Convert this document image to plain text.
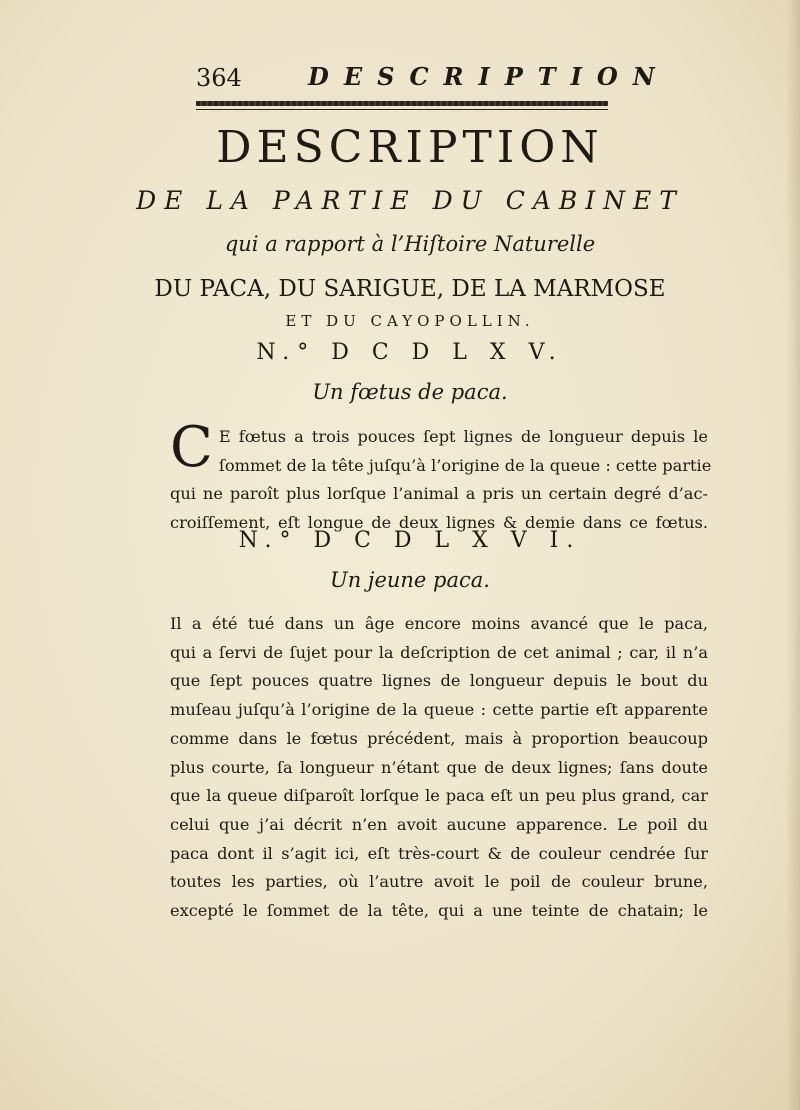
364	DESCRIPTION
DESCRIPTION
DE LA PARTIE DU CABINET
qui a rapport à l’Hiſtoire Naturelle
DU PACA, DU SARIGUE, DE LA MARMOSE
ET DU CAYOPOLLIN.
N.° D C D L X V.
Un fœtus de paca.
C E fœtus a trois pouces ſept lignes de longueur depuis le
ſommet de la tête juſqu’à l’origine de la queue : cette partie
qui ne paroît plus lorſque l’animal a pris un certain degré d’ac-
croiſſement, eſt longue de deux lignes & demie dans ce fœtus.
N.° D C D L X V I.
Un jeune paca.
Il a été tué dans un âge encore moins avancé que le paca,
qui a ſervi de ſujet pour la deſcription de cet animal ; car, il n’a
que ſept pouces quatre lignes de longueur depuis le bout du
muſeau juſqu’à l’origine de la queue : cette partie eſt apparente
comme dans le fœtus précédent, mais à proportion beaucoup
plus courte, ſa longueur n’étant que de deux lignes; ſans doute
que la queue diſparoît lorſque le paca eſt un peu plus grand, car
celui que j’ai décrit n’en avoit aucune apparence. Le poil du
paca dont il s’agit ici, eſt très-court & de couleur cendrée ſur
toutes les parties, où l’autre avoit le poil de couleur brune,
excepté le ſommet de la tête, qui a une teinte de chatain; le
